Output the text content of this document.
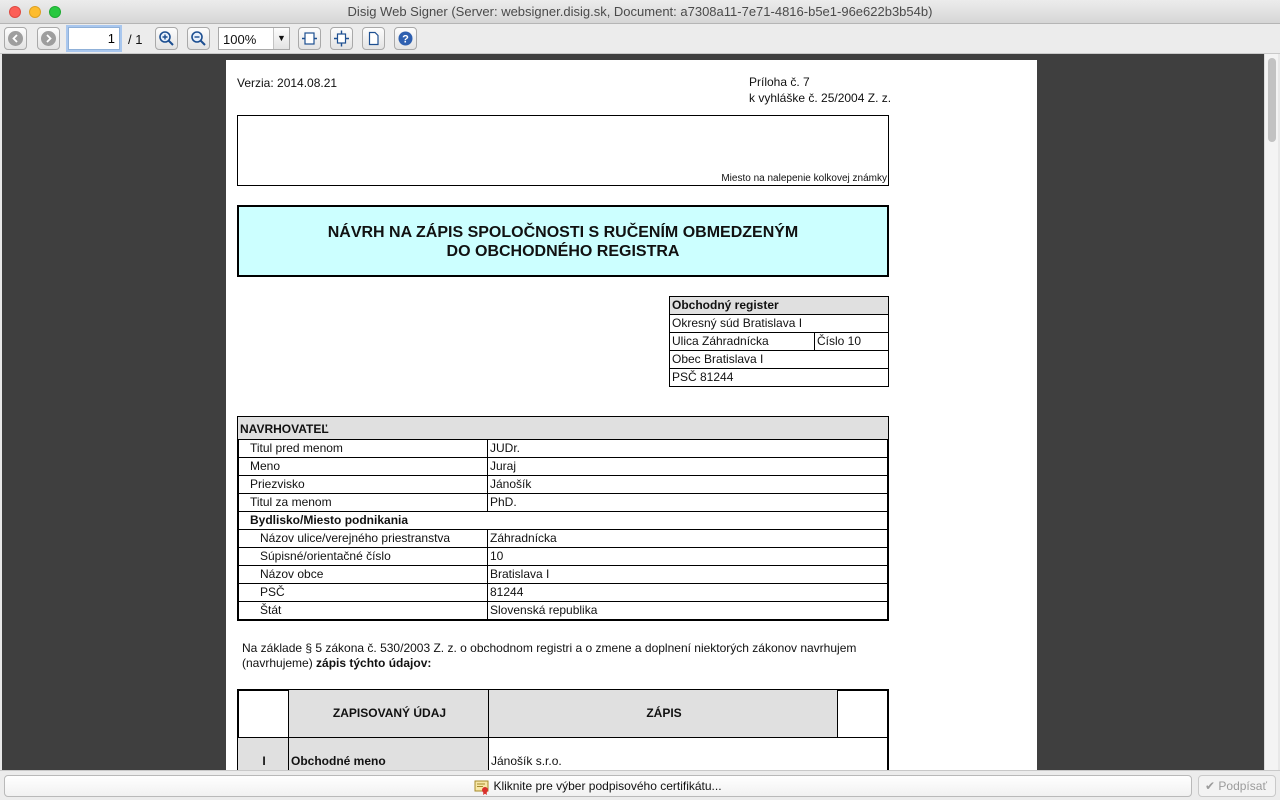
Disig Web Signer (Server: websigner.disig.sk, Document: a7308a11-7e71-4816-b5e1-96e622b3b54b)
1
/ 1	100%	▼	?
Verzia: 2014.08.21	Príloha č. 7
k vyhláške č. 25/2004 Z. z.
Miesto na nalepenie kolkovej známky
NÁVRH NA ZÁPIS SPOLOČNOSTI S RUČENÍM OBMEDZENÝM
DO OBCHODNÉHO REGISTRA
Obchodný register
Okresný súd Bratislava I
Ulica Záhradnícka	Číslo 10
Obec Bratislava I
PSČ 81244
NAVRHOVATEĽ
Titul pred menom	JUDr.
Meno	Juraj
Priezvisko	Jánošík
Titul za menom	PhD.
Bydlisko/Miesto podnikania
Názov ulice/verejného priestranstva	Záhradnícka
Súpisné/orientačné číslo	10
Názov obce	Bratislava I
PSČ	81244
Štát	Slovenská republika
Na základe § 5 zákona č. 530/2003 Z. z. o obchodnom registri a o zmene a doplnení niektorých zákonov navrhujem
(navrhujeme) zápis týchto údajov:
ZAPISOVANÝ ÚDAJ	ZÁPIS
I	Obchodné meno	Jánošík s.r.o.
Kliknite pre výber podpisového certifikátu...	✔ Podpísať
